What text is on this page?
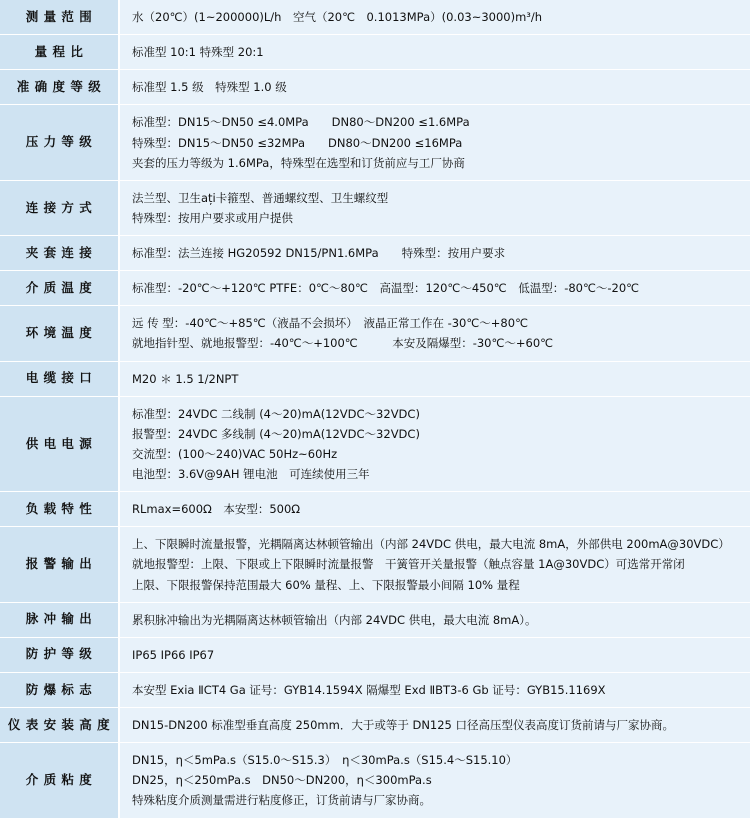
测 量 范 围	水（20℃）(1~200000)L/h　空气（20℃　0.1013MPa）(0.03~3000)m³/h

量 程 比	标准型 10:1 特殊型 20:1

准 确 度 等 级	标准型 1.5 级　特殊型 1.0 级

压 力 等 级	标准型：DN15～DN50 ≤4.0MPa　　DN80～DN200 ≤1.6MPa
特殊型：DN15～DN50 ≤32MPa　　DN80～DN200 ≤16MPa
夹套的压力等级为 1.6MPa，特殊型在选型和订货前应与工厂协商

连 接 方 式	法兰型、卫生ați卡箍型、普通螺纹型、卫生螺纹型
特殊型：按用户要求或用户提供

夹 套 连 接	标准型：法兰连接 HG20592 DN15/PN1.6MPa　　特殊型：按用户要求

介 质 温 度	标准型：-20℃～+120℃ PTFE：0℃～80℃　高温型：120℃～450℃　低温型：-80℃～-20℃

环 境 温 度	远 传 型：-40℃～+85℃（液晶不会损坏）　液晶正常工作在 -30℃～+80℃
就地指针型、就地报警型：-40℃～+100℃　　　本安及隔爆型：-30℃～+60℃

电 缆 接 口	M20 ＊ 1.5 1/2NPT

供 电 电 源	标准型：24VDC 二线制 (4～20)mA(12VDC～32VDC)
报警型：24VDC 多线制 (4～20)mA(12VDC～32VDC)
交流型：(100～240)VAC 50Hz~60Hz
电池型：3.6V@9AH 锂电池　可连续使用三年

负 载 特 性	RLmax=600Ω　本安型：500Ω

报 警 输 出	上、下限瞬时流量报警，光耦隔离达林顿管输出（内部 24VDC 供电，最大电流 8mA，外部供电 200mA@30VDC）
就地报警型：上限、下限或上下限瞬时流量报警　干簧管开关量报警（触点容量 1A@30VDC）可选常开常闭
上限、下限报警保持范围最大 60% 量程、上、下限报警最小间隔 10% 量程

脉 冲 输 出	累积脉冲输出为光耦隔离达林顿管输出（内部 24VDC 供电，最大电流 8mA）。

防 护 等 级	IP65 IP66 IP67

防 爆 标 志	本安型 Exia ⅡCT4 Ga 证号：GYB14.1594X 隔爆型 Exd ⅡBT3-6 Gb 证号：GYB15.1169X

仪 表 安 装 高 度	DN15-DN200 标准型垂直高度 250mm．大于或等于 DN125 口径高压型仪表高度订货前请与厂家协商。

介 质 粘 度	DN15，η＜5mPa.s（S15.0～S15.3）　η＜30mPa.s（S15.4～S15.10）
DN25，η＜250mPa.s　DN50～DN200，η＜300mPa.s
特殊粘度介质测量需进行粘度修正，订货前请与厂家协商。
